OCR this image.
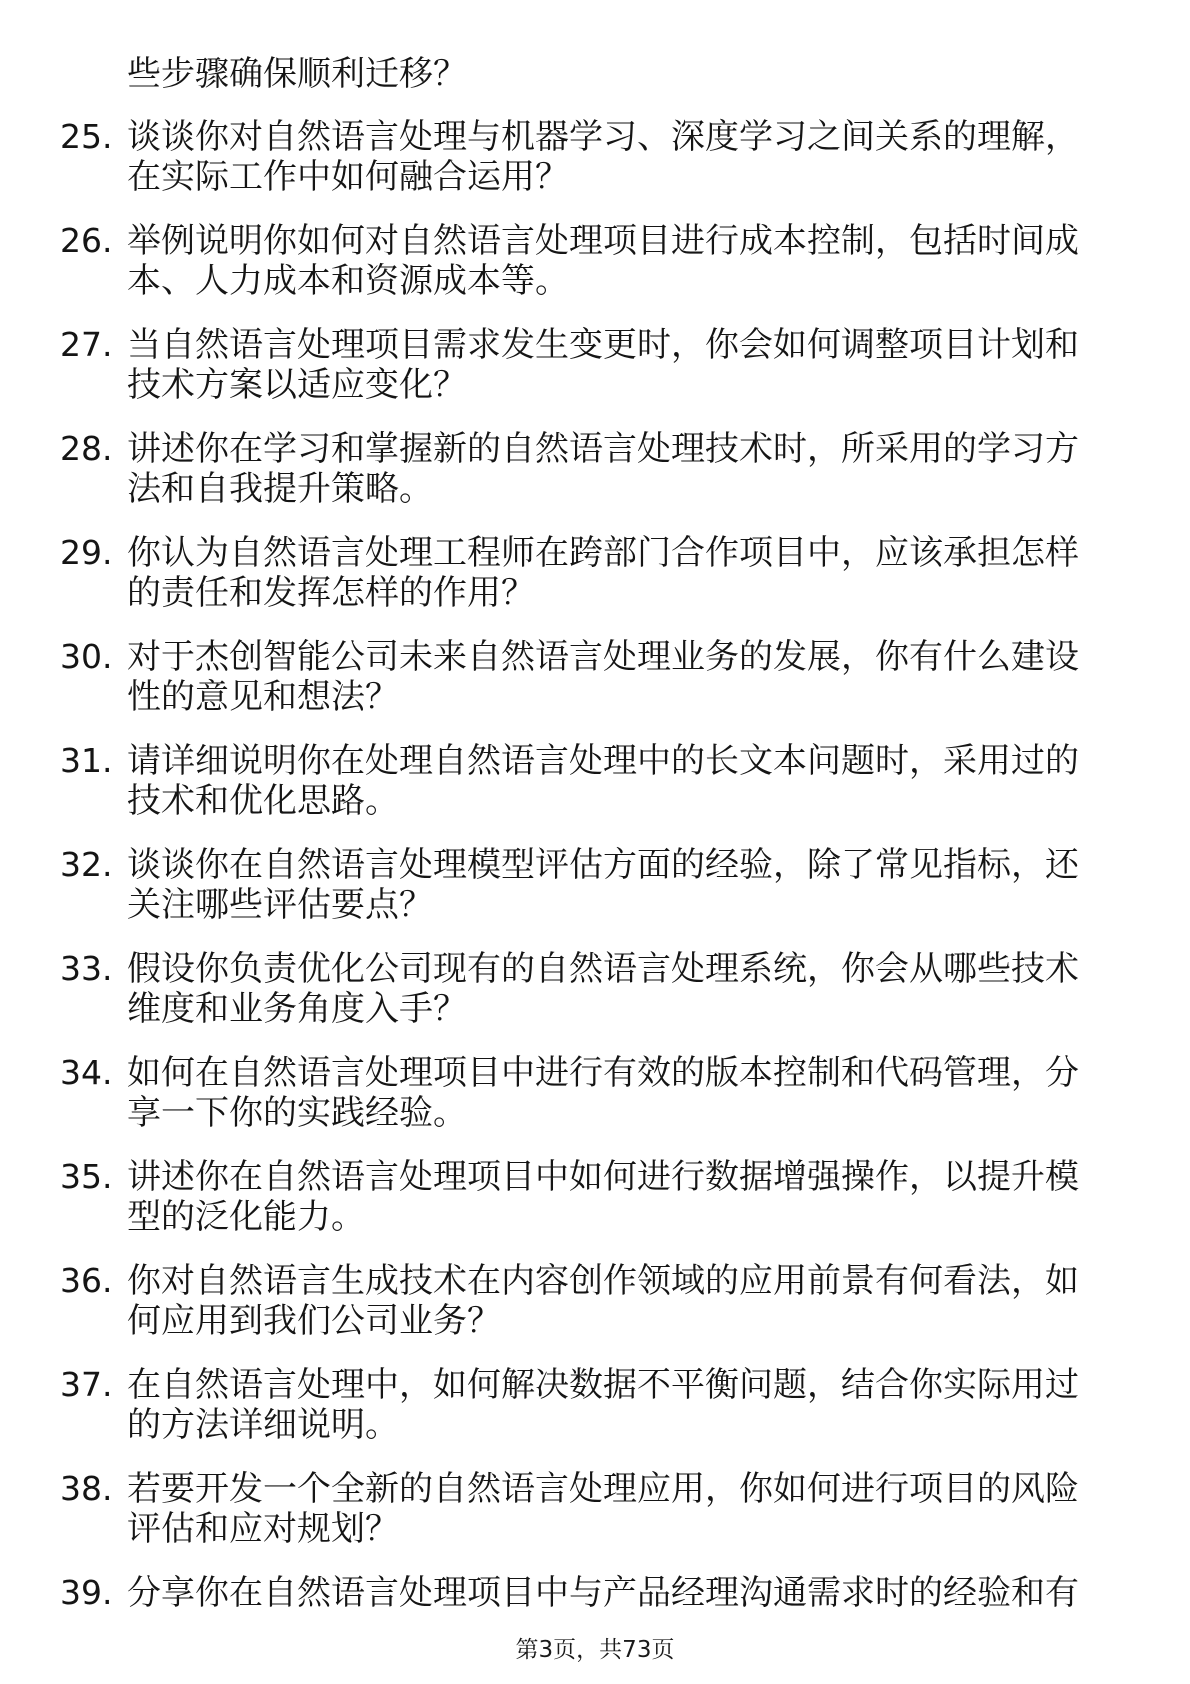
些步骤确保顺利迁移？
25. 谈谈你对自然语言处理与机器学习、深度学习之间关系的理解，
在实际工作中如何融合运用？
26. 举例说明你如何对自然语言处理项目进行成本控制，包括时间成
本、人力成本和资源成本等。
27. 当自然语言处理项目需求发生变更时，你会如何调整项目计划和
技术方案以适应变化？
28. 讲述你在学习和掌握新的自然语言处理技术时，所采用的学习方
法和自我提升策略。
29. 你认为自然语言处理工程师在跨部门合作项目中，应该承担怎样
的责任和发挥怎样的作用？
30. 对于杰创智能公司未来自然语言处理业务的发展，你有什么建设
性的意见和想法？
31. 请详细说明你在处理自然语言处理中的长文本问题时，采用过的
技术和优化思路。
32. 谈谈你在自然语言处理模型评估方面的经验，除了常见指标，还
关注哪些评估要点？
33. 假设你负责优化公司现有的自然语言处理系统，你会从哪些技术
维度和业务角度入手？
34. 如何在自然语言处理项目中进行有效的版本控制和代码管理，分
享一下你的实践经验。
35. 讲述你在自然语言处理项目中如何进行数据增强操作，以提升模
型的泛化能力。
36. 你对自然语言生成技术在内容创作领域的应用前景有何看法，如
何应用到我们公司业务？
37. 在自然语言处理中，如何解决数据不平衡问题，结合你实际用过
的方法详细说明。
38. 若要开发一个全新的自然语言处理应用，你如何进行项目的风险
评估和应对规划？
39. 分享你在自然语言处理项目中与产品经理沟通需求时的经验和有
第3页，共73页
